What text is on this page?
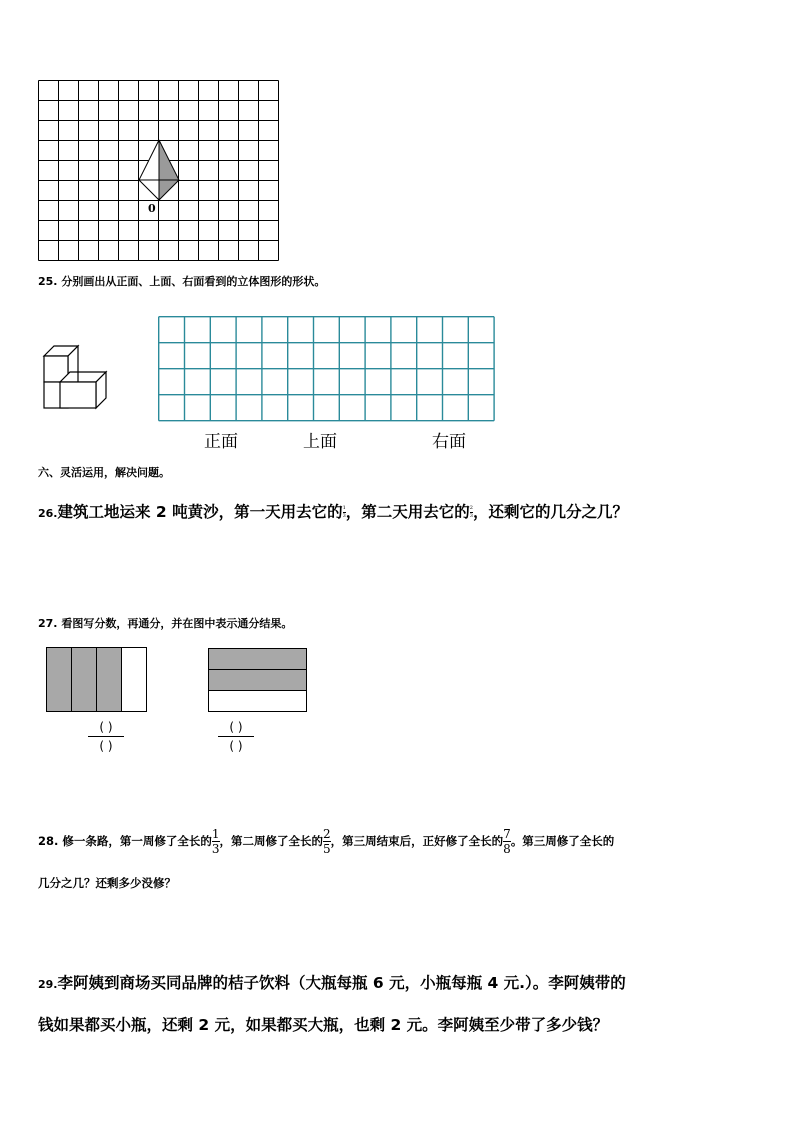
0
25. 分别画出从正面、上面、右面看到的立体图形的形状。
正面	上面	右面
六、灵活运用，解决问题。
26.建筑工地运来 2 吨黄沙，第一天用去它的 $\frac{1}{3}$ ，第二天用去它的 $\frac{2}{3}$ ，还剩它的几分之几？
27. 看图写分数，再通分，并在图中表示通分结果。
( )
( )
( )
( )
28. 修一条路，第一周修了全长的 $\frac{1}{3}$ ，第二周修了全长的 $\frac{2}{5}$ ，第三周结束后，正好修了全长的 $\frac{7}{8}$ 。第三周修了全长的
几分之几？还剩多少没修？
29.李阿姨到商场买同品牌的桔子饮料（大瓶每瓶 6 元，小瓶每瓶 4 元.）。李阿姨带的
钱如果都买小瓶，还剩 2 元，如果都买大瓶，也剩 2 元。李阿姨至少带了多少钱？
